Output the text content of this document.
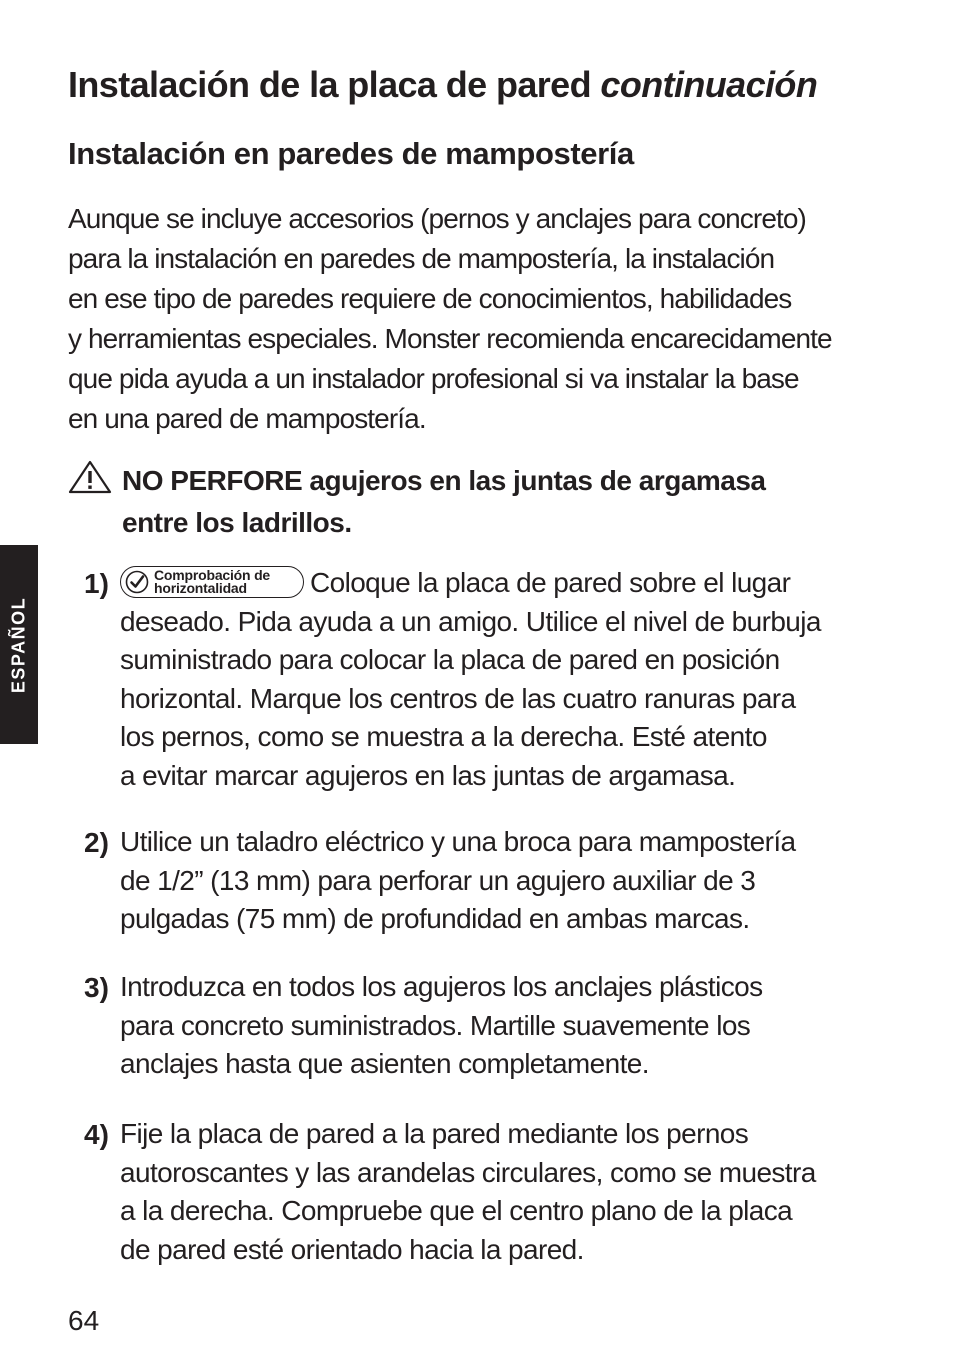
Instalación de la placa de pared continuación
Instalación en paredes de mampostería

Aunque se incluye accesorios (pernos y anclajes para concreto)
para la instalación en paredes de mampostería, la instalación
en ese tipo de paredes requiere de conocimientos, habilidades
y herramientas especiales. Monster recomienda encarecidamente
que pida ayuda a un instalador profesional si va instalar la base
en una pared de mampostería.

NO PERFORE agujeros en las juntas de argamasa
entre los ladrillos.

1)	Comprobación de
horizontalidad	Coloque la placa de pared sobre el lugar
deseado. Pida ayuda a un amigo. Utilice el nivel de burbuja
suministrado para colocar la placa de pared en posición
horizontal. Marque los centros de las cuatro ranuras para
los pernos, como se muestra a la derecha. Esté atento
a evitar marcar agujeros en las juntas de argamasa.

2) Utilice un taladro eléctrico y una broca para mampostería
de 1/2” (13 mm) para perforar un agujero auxiliar de 3
pulgadas (75 mm) de profundidad en ambas marcas.

3) Introduzca en todos los agujeros los anclajes plásticos
para concreto suministrados. Martille suavemente los
anclajes hasta que asienten completamente.

4) Fije la placa de pared a la pared mediante los pernos
autoroscantes y las arandelas circulares, como se muestra
a la derecha. Compruebe que el centro plano de la placa
de pared esté orientado hacia la pared.

ESPAÑOL
64
